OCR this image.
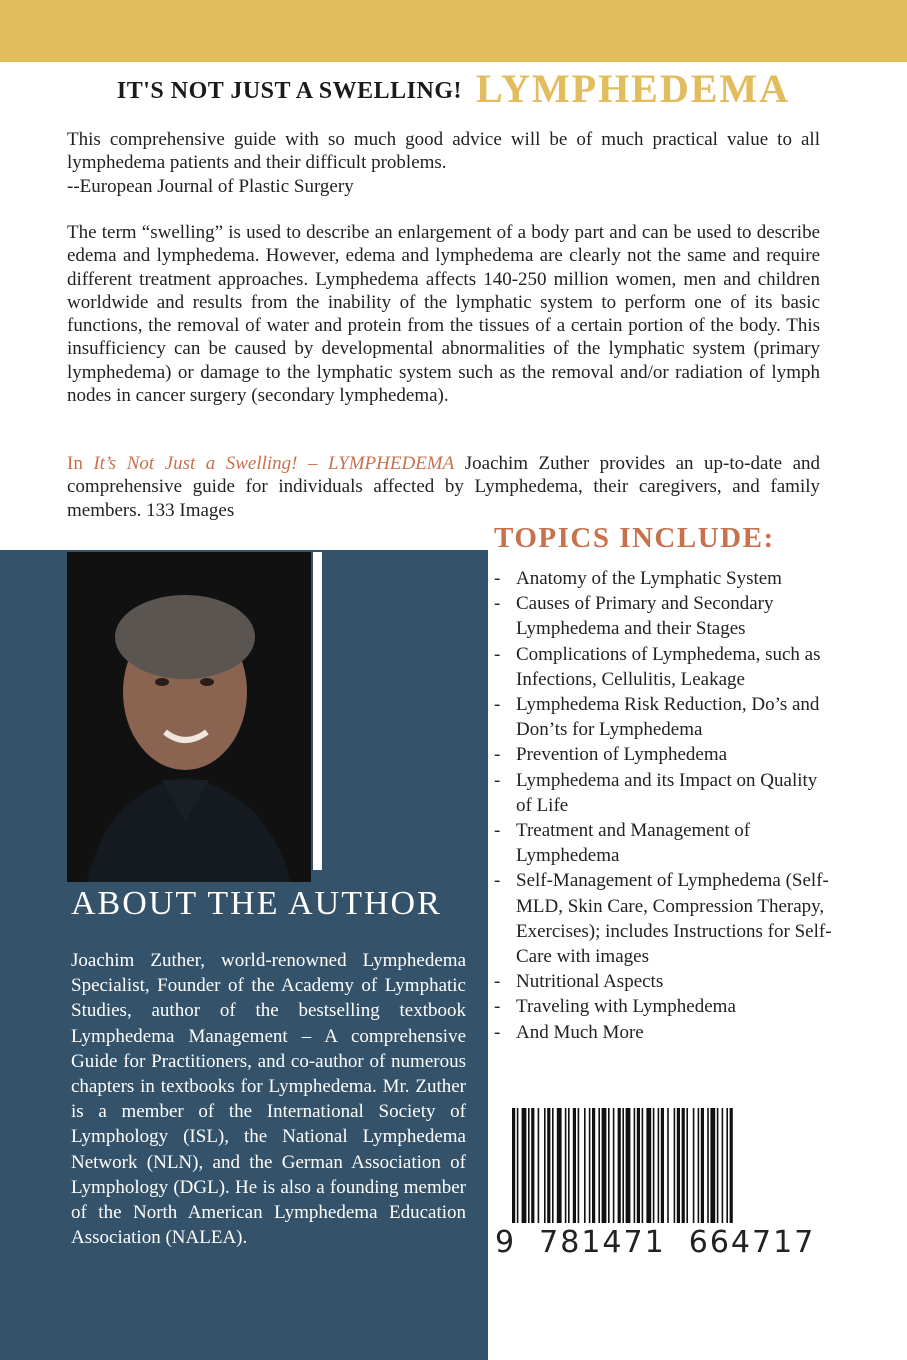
IT'S NOT JUST A SWELLING! LYMPHEDEMA
This comprehensive guide with so much good advice will be of much practical value to all lymphedema patients and their difficult problems.
--European Journal of Plastic Surgery
The term “swelling” is used to describe an enlargement of a body part and can be used to describe edema and lymphedema. However, edema and lymphedema are clearly not the same and require different treatment approaches. Lymphedema affects 140-250 million women, men and children worldwide and results from the inability of the lymphatic system to perform one of its basic functions, the removal of water and protein from the tissues of a certain portion of the body. This insufficiency can be caused by developmental abnormalities of the lymphatic system (primary lymphedema) or damage to the lymphatic system such as the removal and/or radiation of lymph nodes in cancer surgery (secondary lymphedema).
In It’s Not Just a Swelling! – LYMPHEDEMA Joachim Zuther provides an up-to-date and comprehensive guide for individuals affected by Lymphedema, their caregivers, and family members. 133 Images
ABOUT THE AUTHOR
Joachim Zuther, world-renowned Lymphedema Specialist, Founder of the Academy of Lymphatic Studies, author of the bestselling textbook Lymphedema Management – A comprehensive Guide for Practitioners, and co-author of numerous chapters in textbooks for Lymphedema. Mr. Zuther is a member of the International Society of Lymphology (ISL), the National Lymphedema Network (NLN), and the German Association of Lymphology (DGL). He is also a founding member of the North American Lymphedema Education Association (NALEA).
TOPICS INCLUDE:
- Anatomy of the Lymphatic System
- Causes of Primary and Secondary Lymphedema and their Stages
- Complications of Lymphedema, such as Infections, Cellulitis, Leakage
- Lymphedema Risk Reduction, Do’s and Don’ts for Lymphedema
- Prevention of Lymphedema
- Lymphedema and its Impact on Quality of Life
- Treatment and Management of Lymphedema
- Self-Management of Lymphedema (Self-MLD, Skin Care, Compression Therapy, Exercises); includes Instructions for Self-Care with images
- Nutritional Aspects
- Traveling with Lymphedema
- And Much More
9  781471  664717
